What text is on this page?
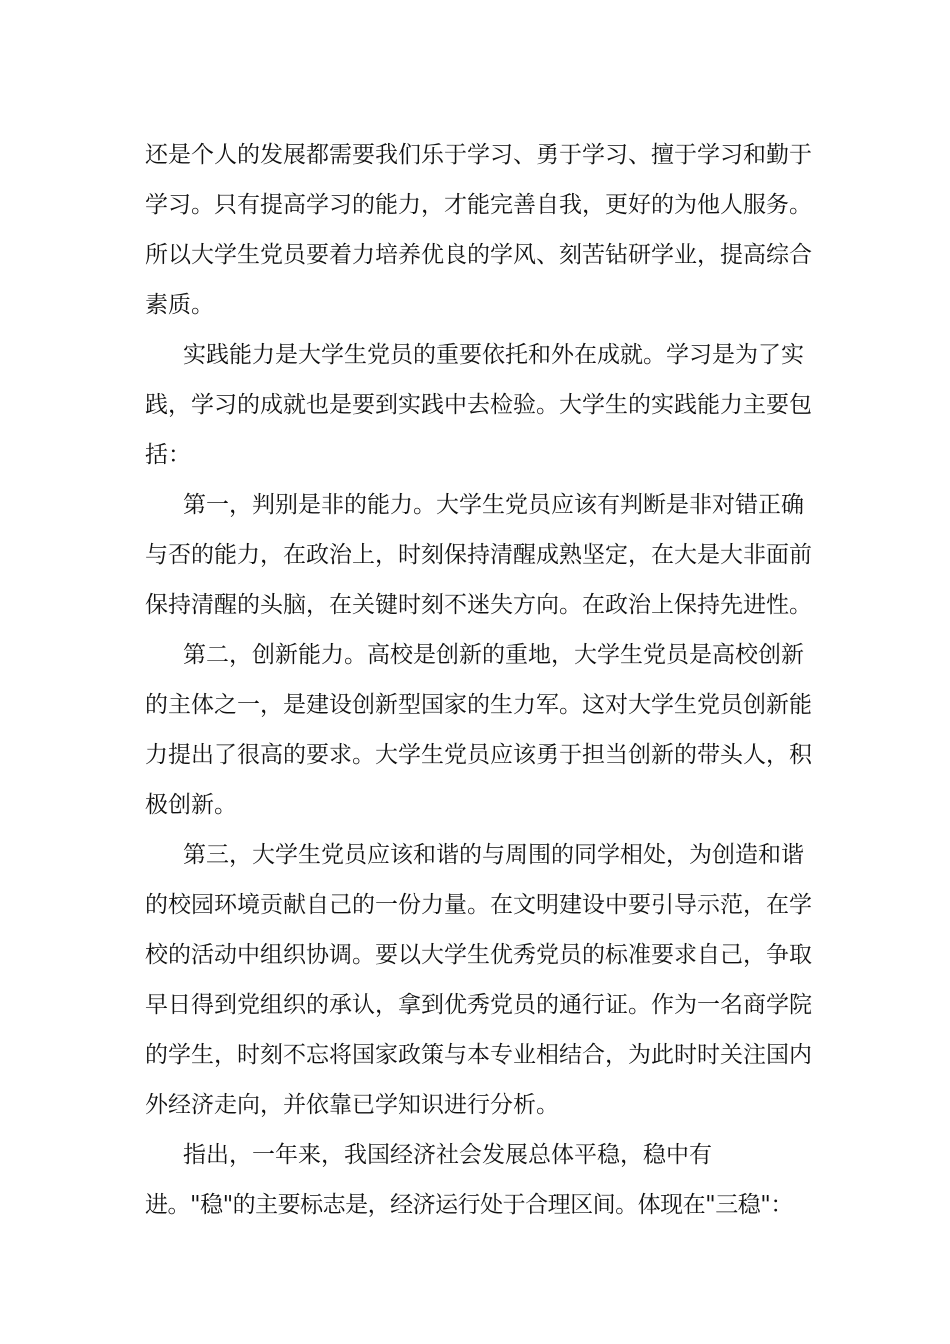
还是个人的发展都需要我们乐于学习、勇于学习、擅于学习和勤于
学习。只有提高学习的能力，才能完善自我，更好的为他人服务。
所以大学生党员要着力培养优良的学风、刻苦钻研学业，提高综合
素质。
实践能力是大学生党员的重要依托和外在成就。学习是为了实
践，学习的成就也是要到实践中去检验。大学生的实践能力主要包
括：
第一，判别是非的能力。大学生党员应该有判断是非对错正确
与否的能力，在政治上，时刻保持清醒成熟坚定，在大是大非面前
保持清醒的头脑，在关键时刻不迷失方向。在政治上保持先进性。
第二，创新能力。高校是创新的重地，大学生党员是高校创新
的主体之一，是建设创新型国家的生力军。这对大学生党员创新能
力提出了很高的要求。大学生党员应该勇于担当创新的带头人，积
极创新。
第三，大学生党员应该和谐的与周围的同学相处，为创造和谐
的校园环境贡献自己的一份力量。在文明建设中要引导示范，在学
校的活动中组织协调。要以大学生优秀党员的标准要求自己，争取
早日得到党组织的承认，拿到优秀党员的通行证。作为一名商学院
的学生，时刻不忘将国家政策与本专业相结合，为此时时关注国内
外经济走向，并依靠已学知识进行分析。
指出，一年来，我国经济社会发展总体平稳，稳中有
进。"稳"的主要标志是，经济运行处于合理区间。体现在"三稳"：
